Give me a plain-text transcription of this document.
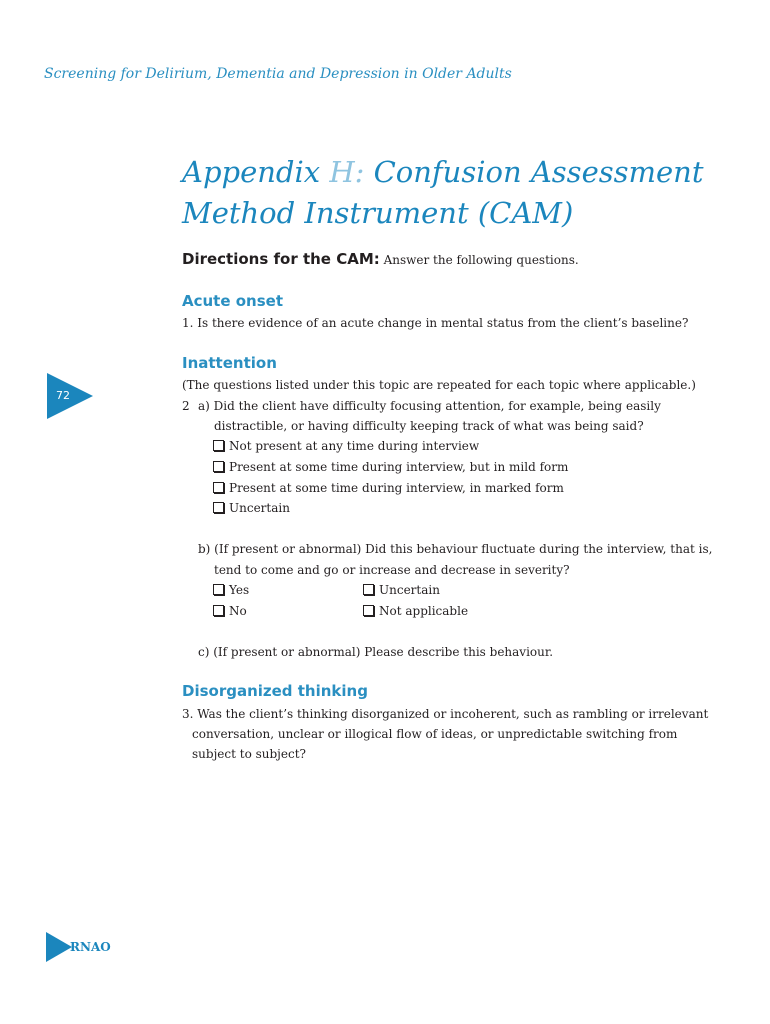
Screening for Delirium, Dementia and Depression in Older Adults
Appendix H: Confusion Assessment
Method Instrument (CAM)
Directions for the CAM: Answer the following questions.
Acute onset
1. Is there evidence of an acute change in mental status from the client’s baseline?
Inattention
(The questions listed under this topic are repeated for each topic where applicable.)
2 a) Did the client have difficulty focusing attention, for example, being easily
distractible, or having difficulty keeping track of what was being said?
Not present at any time during interview
Present at some time during interview, but in mild form
Present at some time during interview, in marked form
Uncertain
b) (If present or abnormal) Did this behaviour fluctuate during the interview, that is,
tend to come and go or increase and decrease in severity?
Yes	Uncertain
No	Not applicable
c) (If present or abnormal) Please describe this behaviour.
Disorganized thinking
3. Was the client’s thinking disorganized or incoherent, such as rambling or irrelevant
conversation, unclear or illogical flow of ideas, or unpredictable switching from
subject to subject?
72
RNAO
